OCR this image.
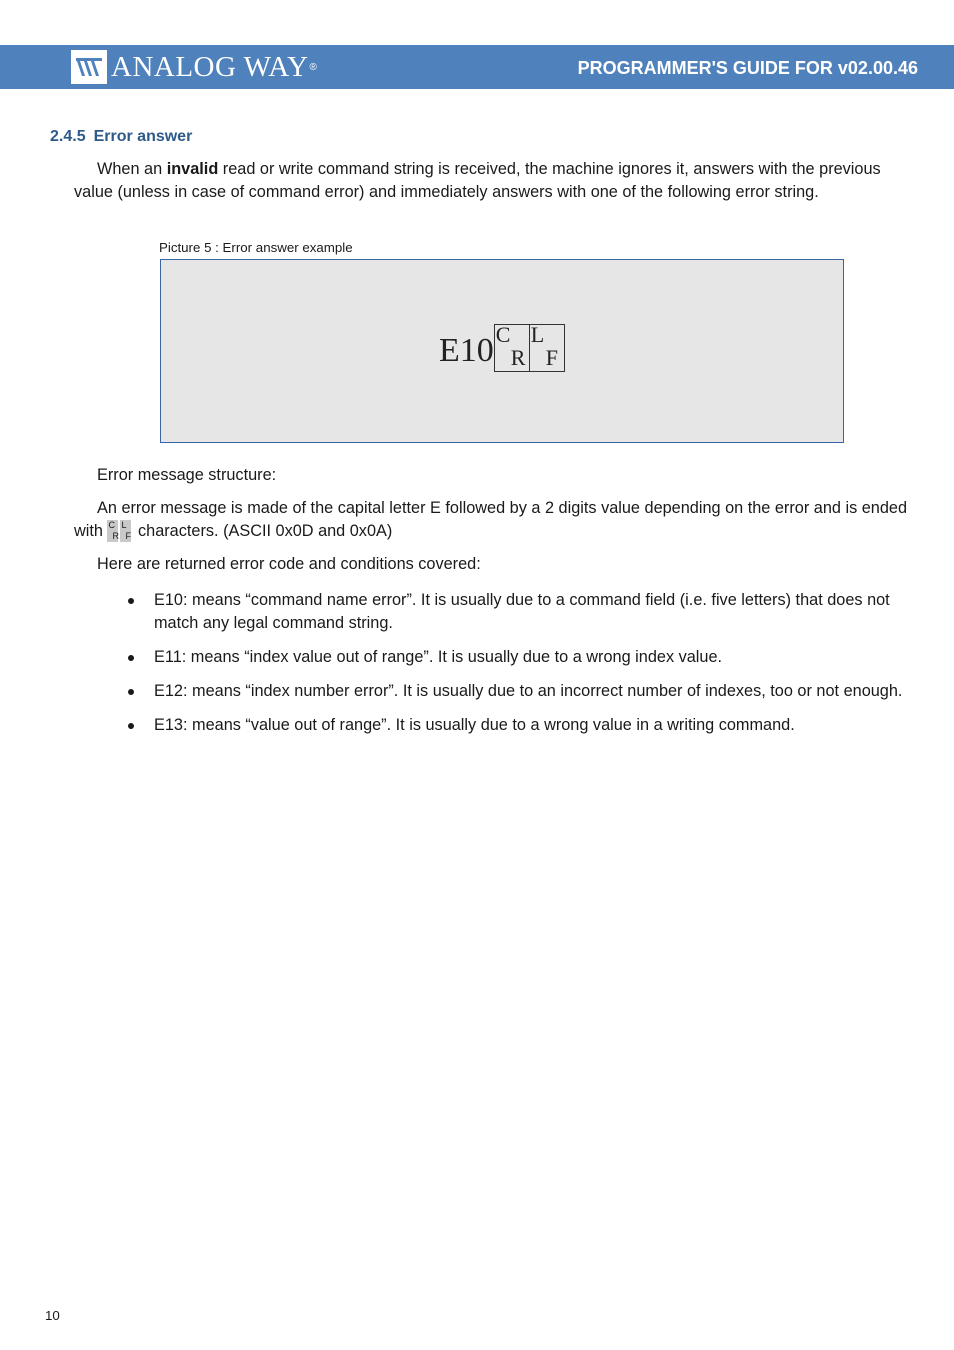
ANALOG WAY ®	PROGRAMMER'S GUIDE FOR v02.00.46
2.4.5 Error answer
When an invalid read or write command string is received, the machine ignores it, answers with the previous value (unless in case of command error) and immediately answers with one of the following error string.
Picture 5 : Error answer example
E10 C
R
L
F
Error message structure:
An error message is made of the capital letter E followed by a 2 digits value depending on the error and is ended with C
R
L
F characters. (ASCII 0x0D and 0x0A)
Here are returned error code and conditions covered:
E10: means “command name error”. It is usually due to a command field (i.e. five letters) that does not match any legal command string.
E11: means “index value out of range”. It is usually due to a wrong index value.
E12: means “index number error”. It is usually due to an incorrect number of indexes, too or not enough.
E13: means “value out of range”. It is usually due to a wrong value in a writing command.
10
